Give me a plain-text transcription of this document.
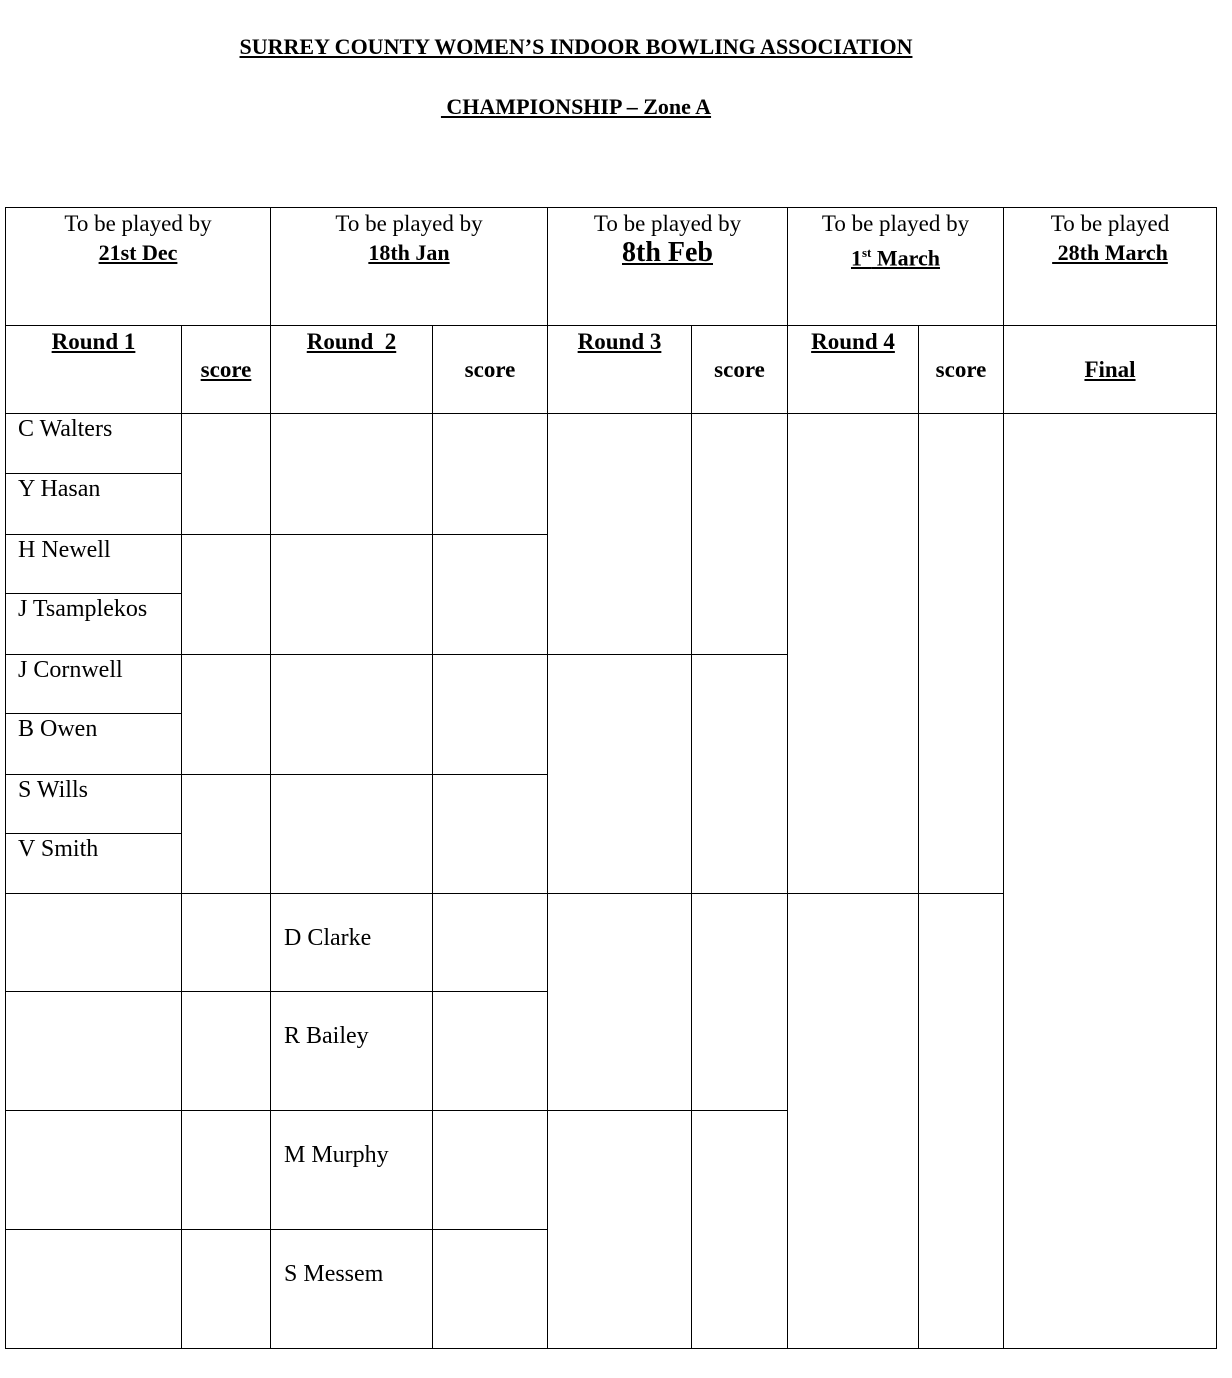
SURREY COUNTY WOMEN’S INDOOR BOWLING ASSOCIATION
CHAMPIONSHIP – Zone A
To be played by
21st Dec
To be played by
18th Jan
To be played by
8th Feb
To be played by
1st March
To be played
28th March
Round 1
score
Round  2
score
Round 3
score
Round 4
score	Final
C Walters
Y Hasan
H Newell
J Tsamplekos
J Cornwell
B Owen
S Wills
V Smith
D Clarke
R Bailey
M Murphy
S Messem
